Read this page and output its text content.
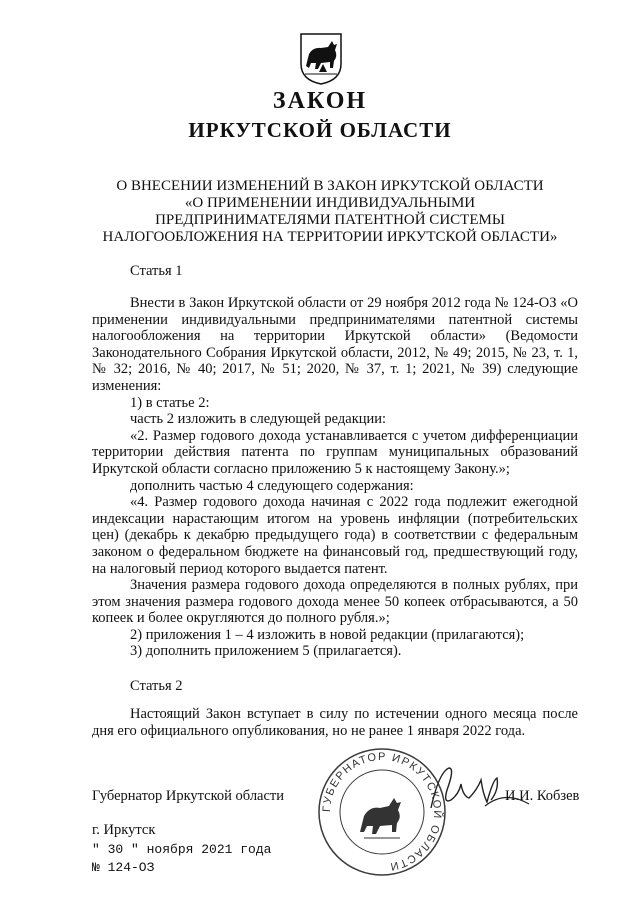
ЗАКОН
ИРКУТСКОЙ ОБЛАСТИ
О ВНЕСЕНИИ ИЗМЕНЕНИЙ В ЗАКОН ИРКУТСКОЙ ОБЛАСТИ
«О ПРИМЕНЕНИИ ИНДИВИДУАЛЬНЫМИ
ПРЕДПРИНИМАТЕЛЯМИ ПАТЕНТНОЙ СИСТЕМЫ
НАЛОГООБЛОЖЕНИЯ НА ТЕРРИТОРИИ ИРКУТСКОЙ ОБЛАСТИ»
Статья 1
Внести в Закон Иркутской области от 29 ноября 2012 года № 124-ОЗ «О применении индивидуальными предпринимателями патентной системы налогообложения на территории Иркутской области» (Ведомости Законодательного Собрания Иркутской области, 2012, № 49; 2015, № 23, т. 1, № 32; 2016, № 40; 2017, № 51; 2020, № 37, т. 1; 2021, № 39) следующие изменения:
1) в статье 2:
часть 2 изложить в следующей редакции:
«2. Размер годового дохода устанавливается с учетом дифференциации территории действия патента по группам муниципальных образований Иркутской области согласно приложению 5 к настоящему Закону.»;
дополнить частью 4 следующего содержания:
«4. Размер годового дохода начиная с 2022 года подлежит ежегодной индексации нарастающим итогом на уровень инфляции (потребительских цен) (декабрь к декабрю предыдущего года) в соответствии с федеральным законом о федеральном бюджете на финансовый год, предшествующий году, на налоговый период которого выдается патент.
Значения размера годового дохода определяются в полных рублях, при этом значения размера годового дохода менее 50 копеек отбрасываются, а 50 копеек и более округляются до полного рубля.»;
2) приложения 1 – 4 изложить в новой редакции (прилагаются);
3) дополнить приложением 5 (прилагается).
Статья 2
Настоящий Закон вступает в силу по истечении одного месяца после дня его официального опубликования, но не ранее 1 января 2022 года.
Губернатор Иркутской области
ГУБЕРНАТОР ИРКУТСКОЙ ОБЛАСТИ
И.И. Кобзев
г. Иркутск
" 30 " ноября 2021 года
№ 124-ОЗ
